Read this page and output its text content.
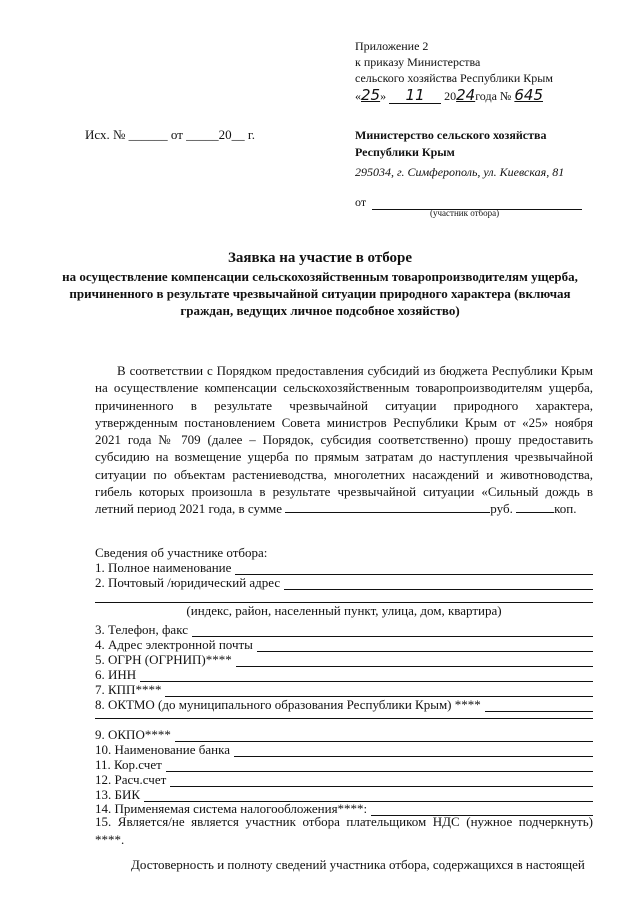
Приложение 2
к приказу Министерства
сельского хозяйства Республики Крым
«25» 11 2024года № 645
Исх. № ______ от _____20__ г.	Министерство сельского хозяйства
Республики Крым
295034, г. Симферополь, ул. Киевская, 81
от
(участник отбора)
Заявка на участие в отборе
на осуществление компенсации сельскохозяйственным товаропроизводителям ущерба, причиненного в результате чрезвычайной ситуации природного характера (включая граждан, ведущих личное подсобное хозяйство)
В соответствии с Порядком предоставления субсидий из бюджета Республики Крым на осуществление компенсации сельскохозяйственным товаропроизводителям ущерба, причиненного в результате чрезвычайной ситуации природного характера, утвержденным постановлением Совета министров Республики Крым от «25» ноября 2021 года № 709 (далее – Порядок, субсидия соответственно) прошу предоставить субсидию на возмещение ущерба по прямым затратам до наступления чрезвычайной ситуации по объектам растениеводства, многолетних насаждений и животноводства, гибель которых произошла в результате чрезвычайной ситуации «Сильный дождь в летний период 2021 года, в сумме	руб.	коп.
Сведения об участнике отбора:
1. Полное наименование
2. Почтовый /юридический адрес
(индекс, район, населенный пункт, улица, дом, квартира)
3. Телефон, факс
4. Адрес электронной почты
5. ОГРН (ОГРНИП)****
6. ИНН
7. КПП****
8. ОКТМО (до муниципального образования Республики Крым) ****
9. ОКПО****
10. Наименование банка
11. Кор.счет
12. Расч.счет
13. БИК
14. Применяемая система налогообложения****:
15. Является/не является участник отбора плательщиком НДС (нужное подчеркнуть) ****.
Достоверность и полноту сведений участника отбора, содержащихся в настоящей
